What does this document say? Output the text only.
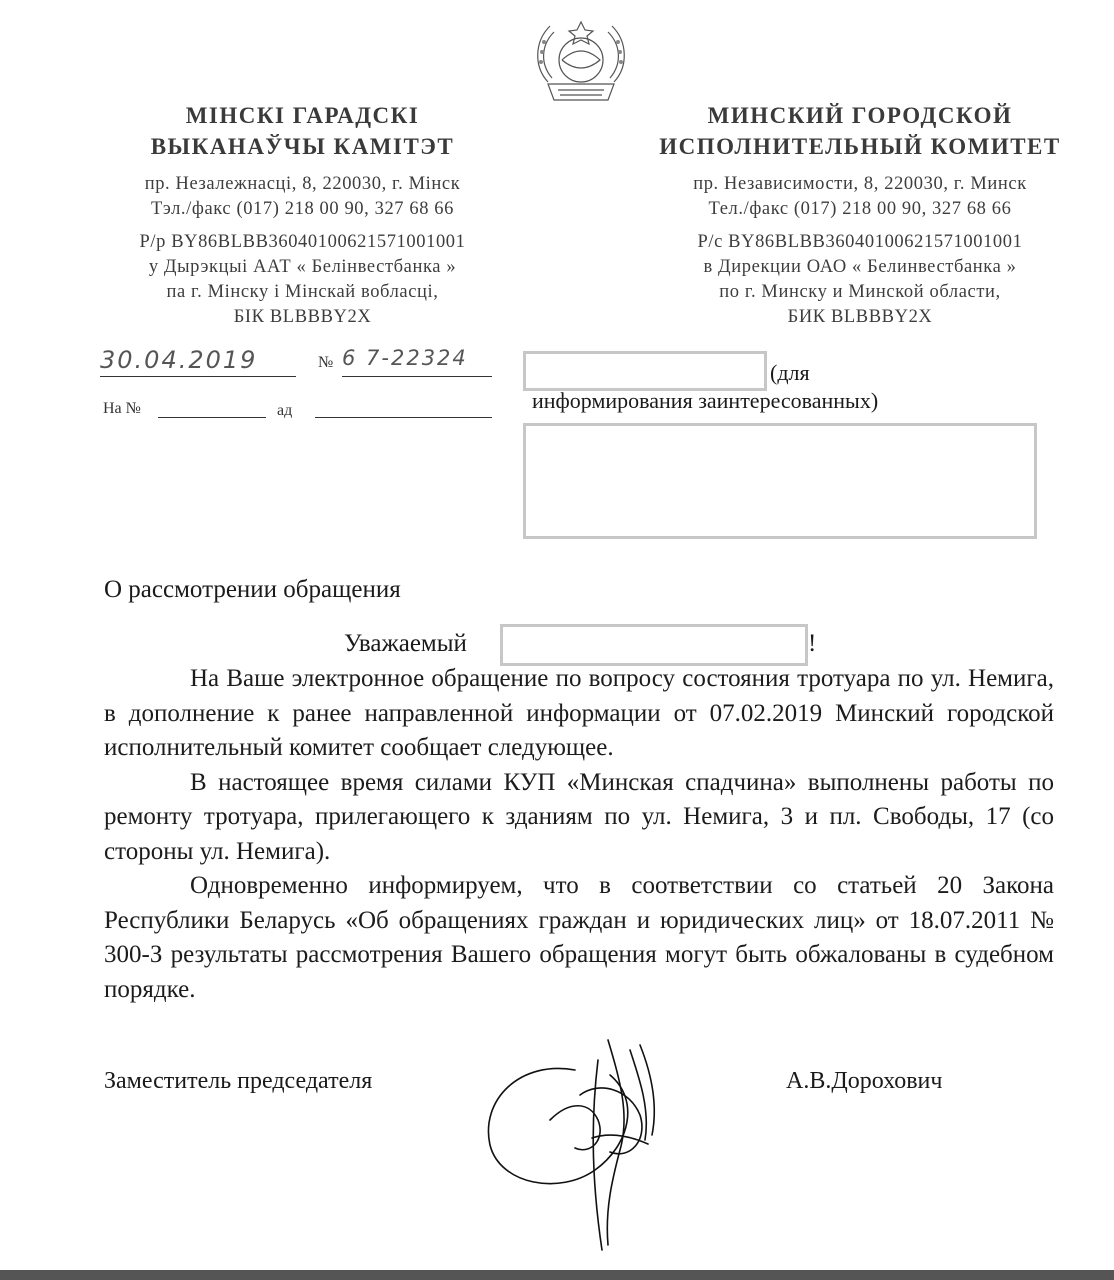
МІНСКІ ГАРАДСКІ
ВЫКАНАЎЧЫ КАМІТЭТ
пр. Незалежнасці, 8, 220030, г. Мінск
Тэл./факс (017) 218 00 90, 327 68 66
Р/р BY86BLBB36040100621571001001
у Дырэкцыі ААТ « Белінвестбанка »
па г. Мінску і Мінскай вобласці,
БІК BLBBBY2X
МИНСКИЙ ГОРОДСКОЙ
ИСПОЛНИТЕЛЬНЫЙ КОМИТЕТ
пр. Независимости, 8, 220030, г. Минск
Тел./факс (017) 218 00 90, 327 68 66
Р/с BY86BLBB36040100621571001001
в Дирекции ОАО « Белинвестбанка »
по г. Минску и Минской области,
БИК BLBBBY2X
30.04.2019	№ 6 7-22324
На №	ад
(для
информирования заинтересованных)
О рассмотрении обращения
Уважаемый	!

На Ваше электронное обращение по вопросу состояния тротуара по ул. Немига, в дополнение к ранее направленной информации от 07.02.2019 Минский городской исполнительный комитет сообщает следующее.

В настоящее время силами КУП «Минская спадчина» выполнены работы по ремонту тротуара, прилегающего к зданиям по ул. Немига, 3 и пл. Свободы, 17 (со стороны ул. Немига).

Одновременно информируем, что в соответствии со статьей 20 Закона Республики Беларусь «Об обращениях граждан и юридических лиц» от 18.07.2011 № 300-З результаты рассмотрения Вашего обращения могут быть обжалованы в судебном порядке.

Заместитель председателя	А.В.Дорохович
